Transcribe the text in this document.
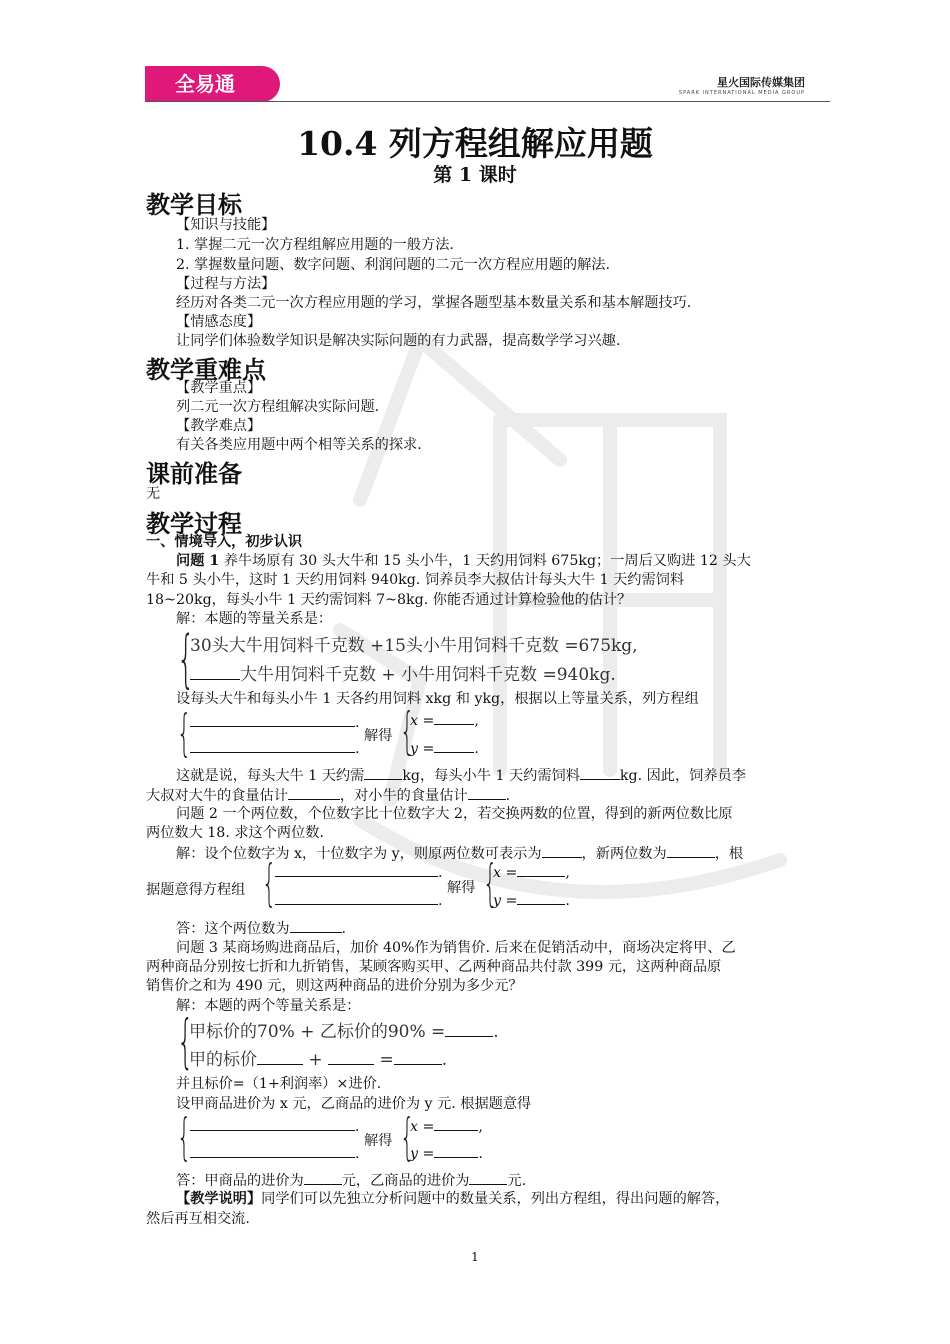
全易通	星火国际传媒集团
SPARK INTERNATIONAL MEDIA GROUP
10.4 列方程组解应用题
第 1 课时
教学目标
【知识与技能】
1. 掌握二元一次方程组解应用题的一般方法.
2. 掌握数量问题、数字问题、利润问题的二元一次方程应用题的解法.
【过程与方法】
经历对各类二元一次方程应用题的学习，掌握各题型基本数量关系和基本解题技巧.
【情感态度】
让同学们体验数学知识是解决实际问题的有力武器，提高数学学习兴趣.
教学重难点
【教学重点】
列二元一次方程组解决实际问题.
【教学难点】
有关各类应用题中两个相等关系的探求.
课前准备
无
教学过程
一、情境导入，初步认识
问题 1 养牛场原有 30 头大牛和 15 头小牛，1 天约用饲料 675kg；一周后又购进 12 头大
牛和 5 头小牛，这时 1 天约用饲料 940kg. 饲养员李大叔估计每头大牛 1 天约需饲料
18~20kg，每头小牛 1 天约需饲料 7~8kg. 你能否通过计算检验他的估计？
解：本题的等量关系是：
{
30头大牛用饲料千克数 +15头小牛用饲料千克数 =675kg,
大牛用饲料千克数 + 小牛用饲料千克数 =940kg.
设每头大牛和每头小牛 1 天各约用饲料 xkg 和 ykg，根据以上等量关系，列方程组
{	.
.
解得 {
x =	,
y =	.
这就是说，每头大牛 1 天约需	kg，每头小牛 1 天约需饲料	kg. 因此，饲养员李
大叔对大牛的食量估计	，对小牛的食量估计	.
问题 2 一个两位数，个位数字比十位数字大 2，若交换两数的位置，得到的新两位数比原
两位数大 18. 求这个两位数.
解：设个位数字为 x，十位数字为 y，则原两位数可表示为	，新两位数为	，根
据题意得方程组 {	.
.
解得 {
x =	,
y =	.
答：这个两位数为	.
问题 3 某商场购进商品后，加价 40%作为销售价. 后来在促销活动中，商场决定将甲、乙
两种商品分别按七折和九折销售，某顾客购买甲、乙两种商品共付款 399 元，这两种商品原
销售价之和为 490 元，则这两种商品的进价分别为多少元？
解：本题的两个等量关系是：
{
甲标价的70% + 乙标价的90% =	.
甲的标价	+	=	.
并且标价=（1+利润率）×进价.
设甲商品进价为 x 元，乙商品的进价为 y 元. 根据题意得
{	.
.
解得 {
x =	,
y =	.
答：甲商品的进价为	元，乙商品的进价为	元.
【教学说明】同学们可以先独立分析问题中的数量关系，列出方程组，得出问题的解答，
然后再互相交流.
1
